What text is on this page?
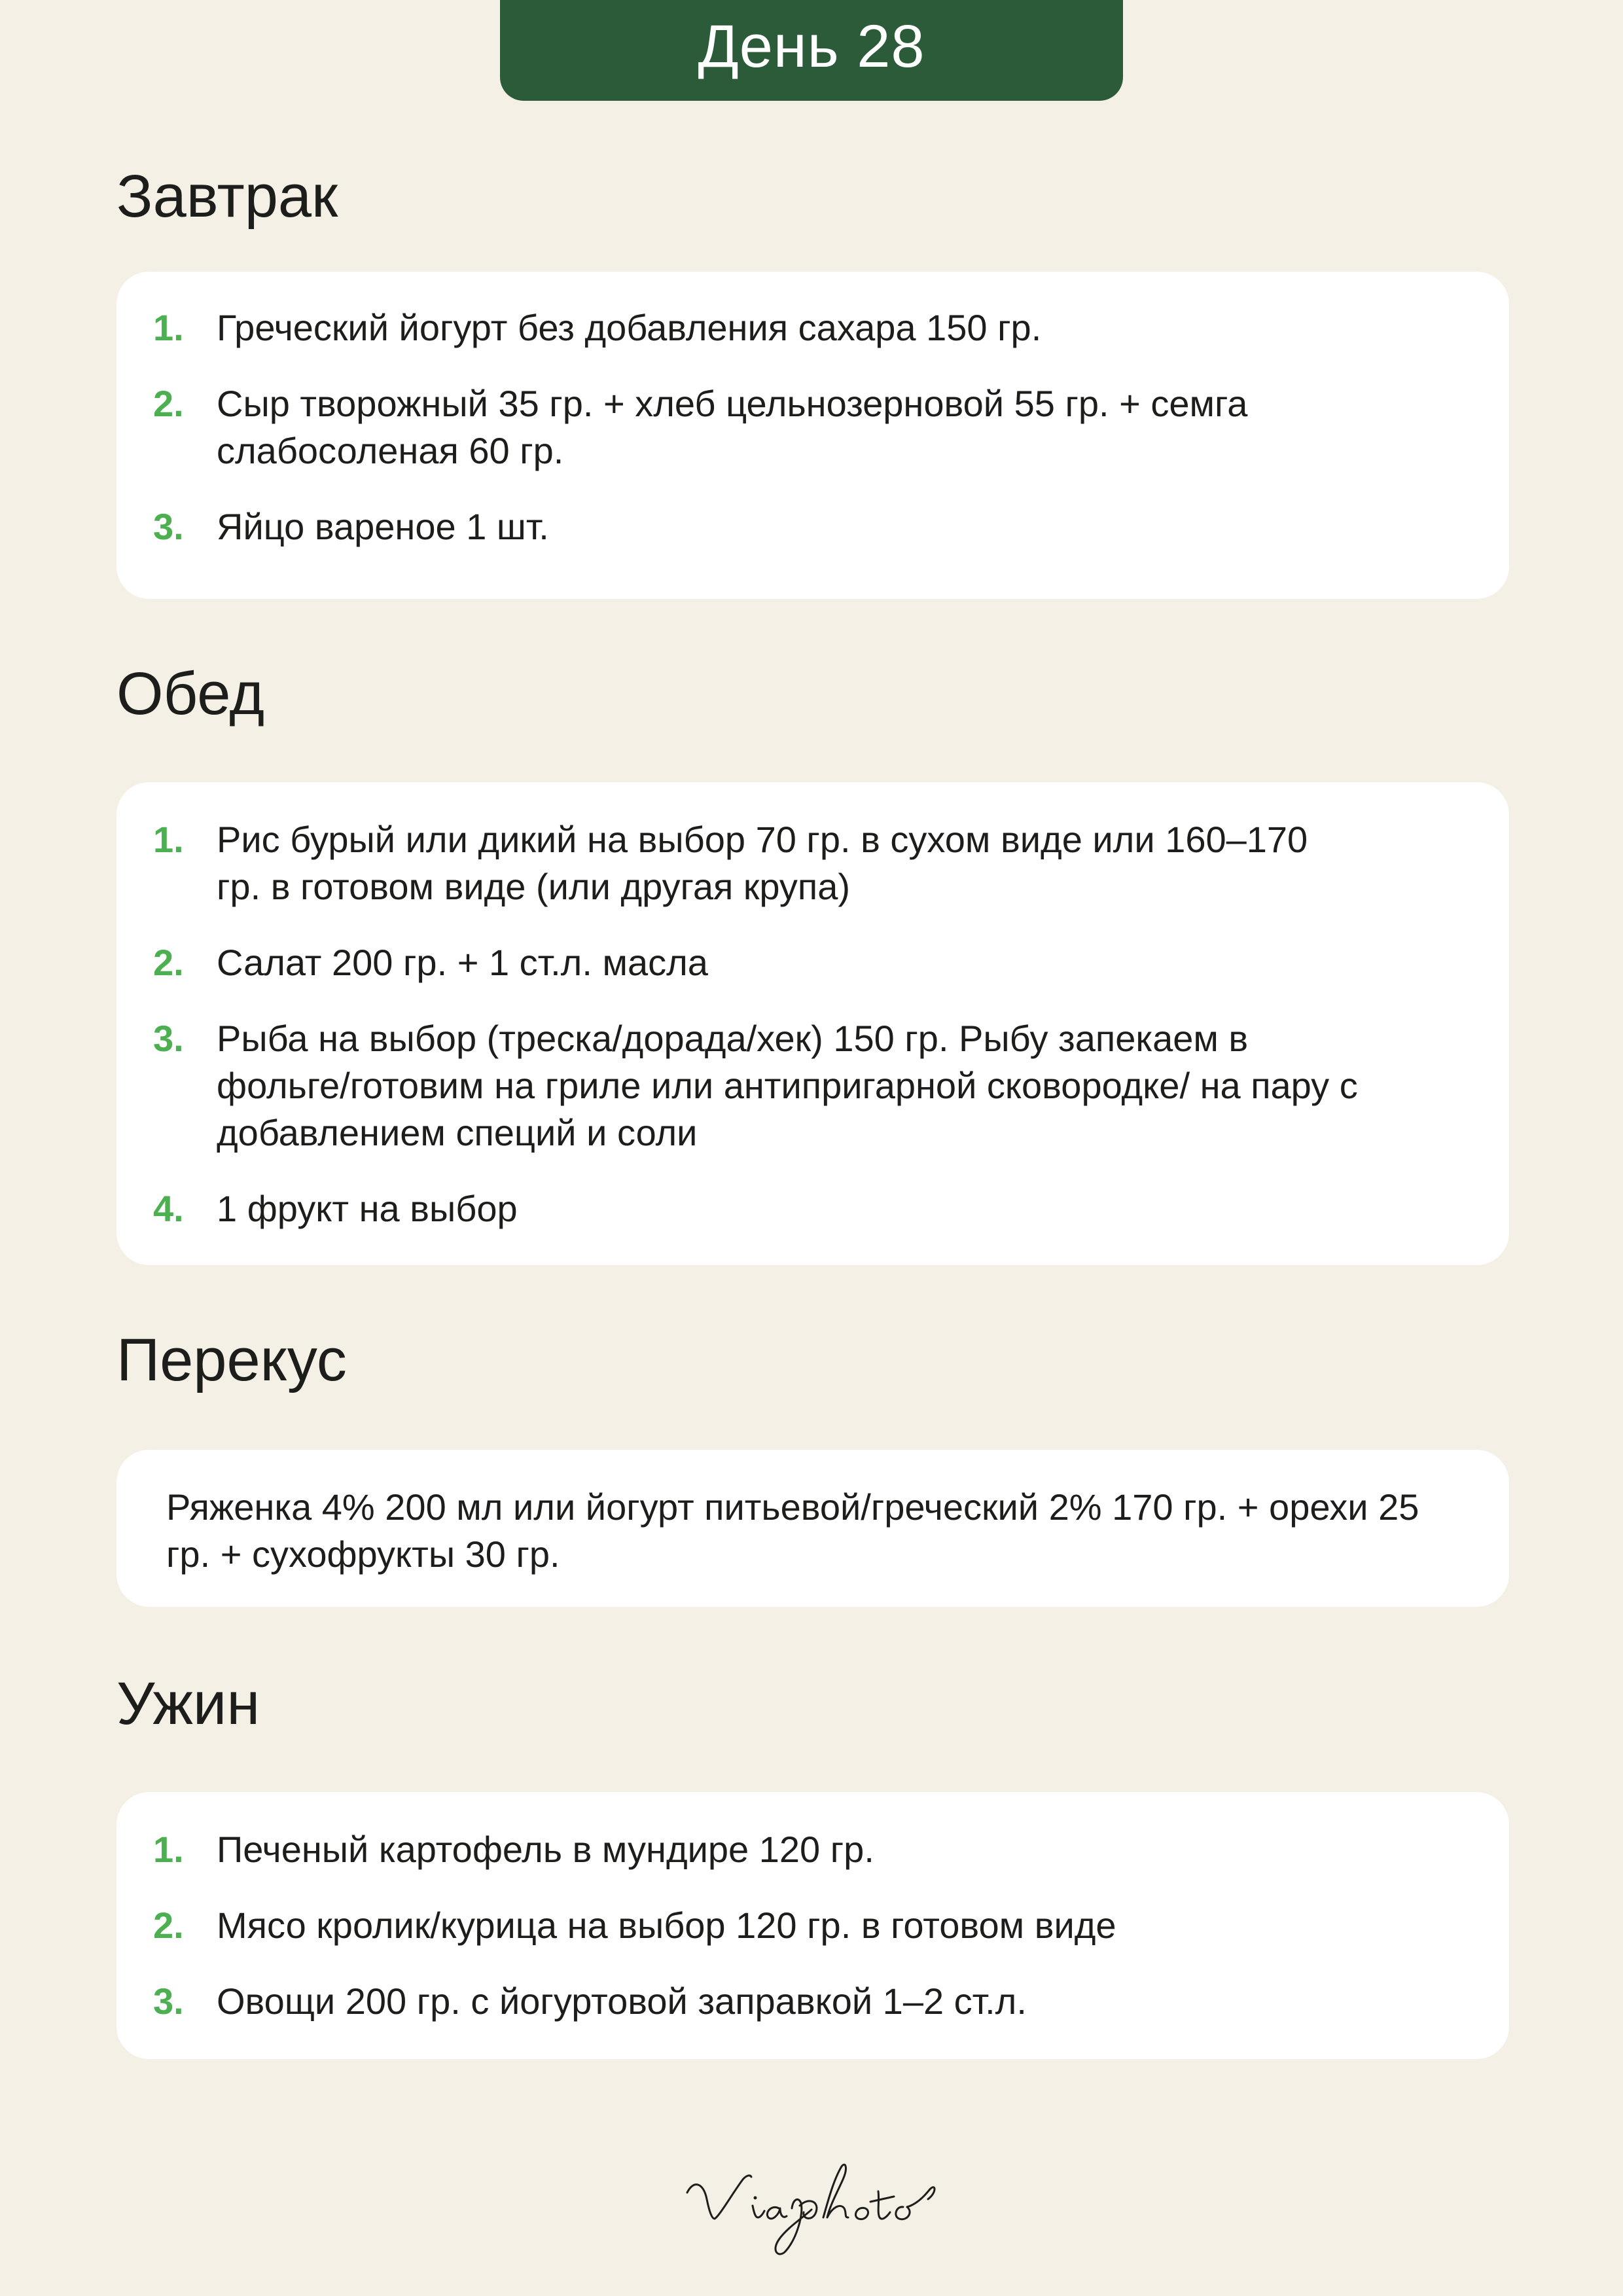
День 28
Завтрак
1. Греческий йогурт без добавления сахара 150 гр.
2. Сыр творожный 35 гр. + хлеб цельнозерновой 55 гр. + семга слабосоленая 60 гр.
3. Яйцо вареное 1 шт.
Обед
1. Рис бурый или дикий на выбор 70 гр. в сухом виде или 160–170 гр. в готовом виде (или другая крупа)
2. Салат 200 гр. + 1 ст.л. масла
3. Рыба на выбор (треска/дорада/хек) 150 гр. Рыбу запекаем в фольге/готовим на гриле или антипригарной сковородке/ на пару с добавлением специй и соли
4. 1 фрукт на выбор
Перекус

Ряженка 4% 200 мл или йогурт питьевой/греческий 2% 170 гр. + орехи 25 гр. + сухофрукты 30 гр.

Ужин
1. Печеный картофель в мундире 120 гр.
2. Мясо кролик/курица на выбор 120 гр. в готовом виде
3. Овощи 200 гр. с йогуртовой заправкой 1–2 ст.л.
